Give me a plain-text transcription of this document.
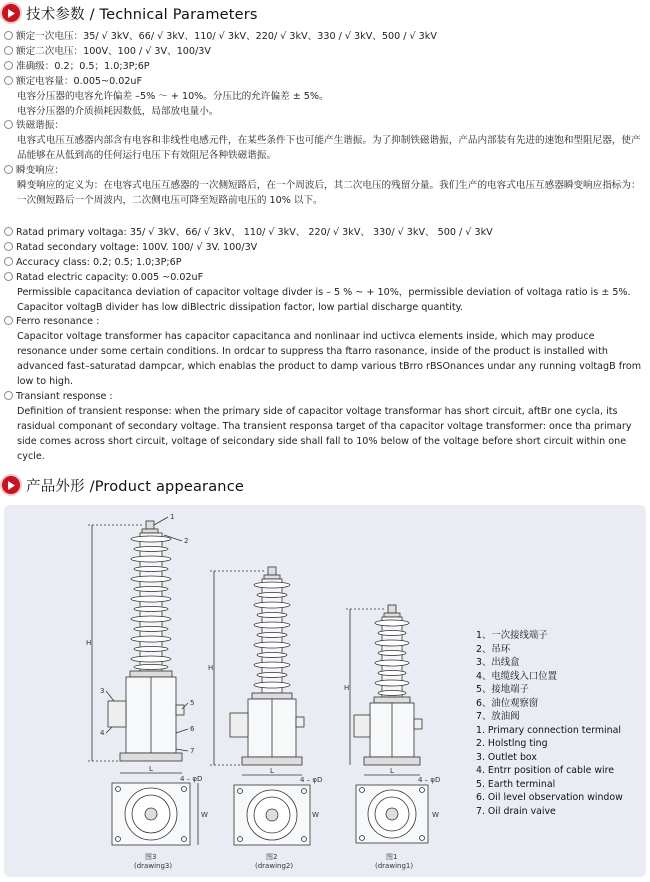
技术参数 / Technical Parameters
额定一次电压：35/ √ 3kV、66/ √ 3kV、110/ √ 3kV、220/ √ 3kV、330 / √ 3kV、500 / √ 3kV
额定二次电压：100V、100 / √ 3V、100/3V
准确级：0.2；0.5；1.0;3P;6P
额定电容量：0.005~0.02uF
电容分压器的电容允许偏差 –5% ～ + 10%。分压比的允许偏差 ± 5%。
电容分压器的介质损耗因数低，局部放电量小。
铁磁谐振：
电容式电压互感器内部含有电容和非线性电感元件，在某些条件下也可能产生谐振。为了抑制铁磁谐振，产品内部装有先进的速饱和型阻尼器，使产品能够在从低到高的任何运行电压下有效阻尼各种铁磁谐振。
瞬变响应：
瞬变响应的定义为：在电容式电压互感器的一次侧短路后，在一个周波后，其二次电压的残留分量。我们生产的电容式电压互感器瞬变响应指标为：一次侧短路后一个周波内，二次侧电压可降至短路前电压的 10% 以下。
Ratad primary voltaga: 35/ √ 3kV、66/ √ 3kV、 110/ √ 3kV、 220/ √ 3kV、 330/ √ 3kV、 500 / √ 3kV
Ratad secondary voltage: 100V. 100/ √ 3V. 100/3V
Accuracy class: 0.2; 0.5; 1.0;3P;6P
Ratad electric capacity: 0.005 ~0.02uF
Permissible capacitanca deviation of capacitor voltage divder is – 5 % ~ + 10%，permissible deviation of voltaga ratio is ± 5%.
Capacitor voltagB divider has low diBlectric dissipation factor, low partial discharge quantity.
Ferro resonance :
Capacitor voltage transformer has capacitor capacitanca and nonlinaar ind uctivca elements inside, which may produce resonance under some certain conditions. In ordcar to suppress tha ftarro rasonance, inside of the product is installed with advanced fast–saturatad dampcar, which enablas the product to damp various tBrro rBSOnances undar any running voltagB from low to high.
Transiant response :
Definition of transient response: when the primary side of capacitor voltage transformar has short circuit, aftBr one cycla, its rasidual componant of secondary voltage. Tha transient responsa target of tha capacitor voltage transformer: once tha primary side comes across short circuit, voltage of seicondary side shall fall to 10% below of the voltage before short circuit within one cycle.
产品外形 /Product appearance
H
H
H
L	L	L
W	W	W
4 – φD	4 – φD	4 – φD
图3
(drawing3)
图2
(drawing2)
图1
(drawing1)
1
2
3
4
5
6
7
1、一次接线端子
2、吊环
3、出线盒
4、电缆线入口位置
5、接地端子
6、油位观察窗
7、放油阀
1. Primary connection terminal
2. Holstlng ting
3. Outlet box
4. Entrr position of cable wire
5. Earth terminal
6. Oil level observation window
7. Oil drain vaive
